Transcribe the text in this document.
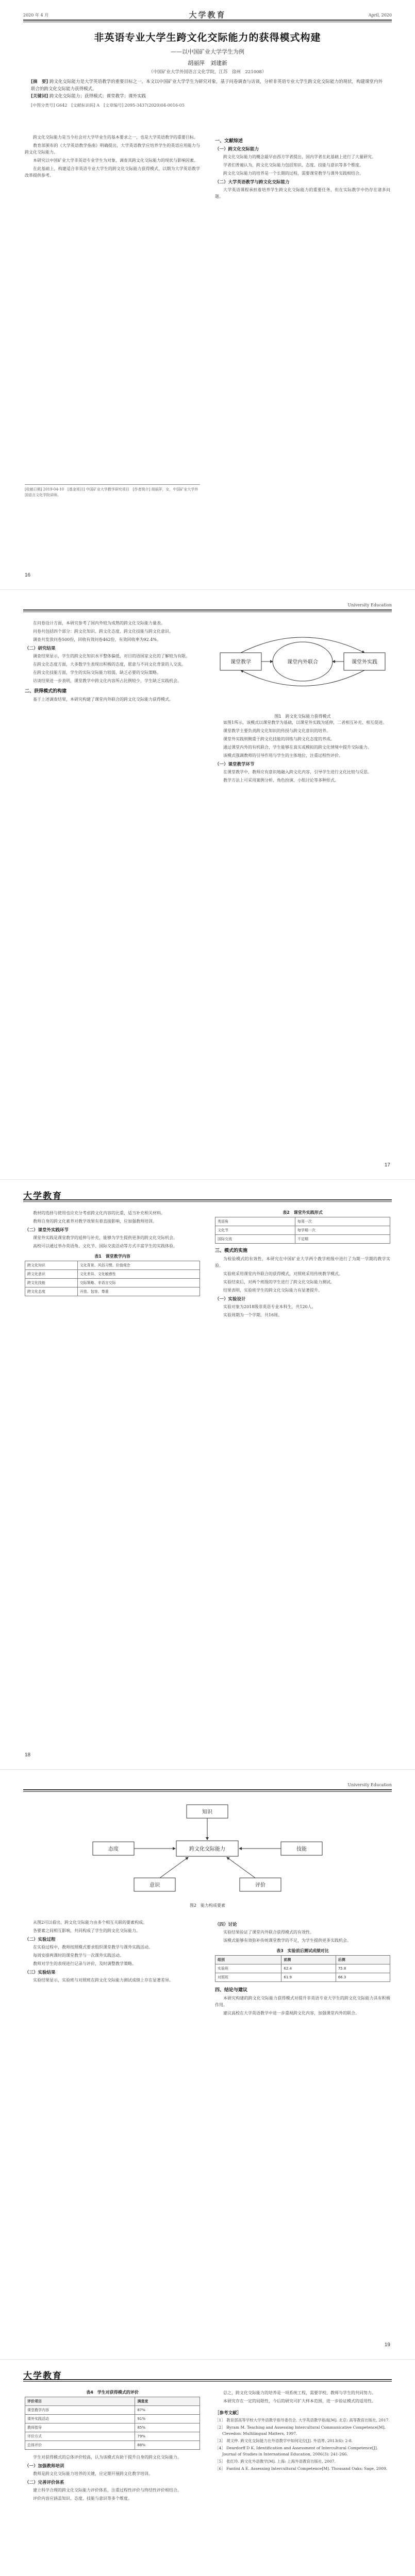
2020 年 4 月	大学教育	April, 2020
非英语专业大学生跨文化交际能力的获得模式构建
——以中国矿业大学学生为例
胡丽萍　刘建新
（中国矿业大学外国语言文化学院，江苏　徐州　221008）
[摘　要] 跨文化交际能力是大学英语教学的重要目标之一。本文以中国矿业大学学生为研究对象，基于问卷调查与访谈，分析非英语专业大学生跨文化交际能力的现状，构建课堂内外联合的跨文化交际能力获得模式。
[关键词] 跨文化交际能力；获得模式；课堂教学；课外实践
[中图分类号] G642　[文献标识码] A　[文章编号] 2095-3437(2020)04-0016-05

跨文化交际能力是当今社会对大学毕业生的基本要求之一，也是大学英语教学的重要目标。

教育部颁布的《大学英语教学指南》明确提出，大学英语教学应培养学生的英语应用能力与跨文化交际能力。

本研究以中国矿业大学非英语专业学生为对象，调查其跨文化交际能力的现状与影响因素。

在此基础上，构建适合非英语专业大学生的跨文化交际能力获得模式，以期为大学英语教学改革提供参考。

一、文献综述
（一）跨文化交际能力

跨文化交际能力的概念最早由西方学者提出，国内学者在此基础上进行了大量研究。

学者们普遍认为，跨文化交际能力包括知识、态度、技能与意识等多个维度。

跨文化交际能力的培养是一个长期的过程，需要课堂教学与课外实践相结合。

（二）大学英语教学与跨文化交际能力

大学英语课程承担着培养学生跨文化交际能力的重要任务，但在实际教学中仍存在诸多问题。

[收稿日期] 2019-04-10　[基金项目] 中国矿业大学教学研究项目　[作者简介] 胡丽萍，女，中国矿业大学外国语言文化学院讲师。
16
University Education

在问卷设计方面，本研究参考了国内外较为成熟的跨文化交际能力量表。

问卷共包括四个部分：跨文化知识、跨文化态度、跨文化技能与跨文化意识。

调查共发放问卷500份，回收有效问卷462份，有效回收率为92.4%。

（二）研究结果

调查结果显示，学生的跨文化知识水平整体偏低，对目的语国家文化的了解较为有限。

在跨文化态度方面，大多数学生表现出积极的态度，愿意与不同文化背景的人交流。

在跨文化技能方面，学生的实际交际能力较弱，缺乏必要的交际策略。

访谈结果进一步表明，课堂教学中跨文化内容所占比例较少，学生缺乏实践机会。

二、获得模式的构建

基于上述调查结果，本研究构建了课堂内外联合的跨文化交际能力获得模式。

课堂教学	课堂外实践
课堂内外联合
图1　跨文化交际能力获得模式

如图1所示，该模式以课堂教学为基础，以课堂外实践为延伸，二者相互补充、相互促进。

课堂教学主要负责跨文化知识的传授与跨文化意识的培养。

课堂外实践则侧重于跨文化技能的训练与跨文化态度的养成。

通过课堂内外的有机联合，学生能够在真实或模拟的跨文化情境中提升交际能力。

该模式强调教师的引导作用与学生的主体地位，注重过程性评价。

（一）课堂教学环节

在课堂教学中，教师应有意识地融入跨文化内容，引导学生进行文化比较与反思。

教学方法上可采用案例分析、角色扮演、小组讨论等多种形式。

17
大学教育

教材的选择与使用也应充分考虑跨文化内容的比重，适当补充相关材料。

教师自身的跨文化素养对教学效果有着直接影响，应加强教师培训。

（二）课堂外实践环节

课堂外实践是课堂教学的延伸与补充，能够为学生提供更多的跨文化交际机会。

高校可以通过举办英语角、文化节、国际交流活动等方式丰富学生的实践体验。

表1　课堂教学内容
跨文化知识	文化背景、风俗习惯、价值观念
跨文化意识	文化差异、文化敏感性
跨文化技能	交际策略、非语言交际
跨文化态度	开放、包容、尊重
表2　课堂外实践形式
英语角	每周一次
文化节	每学期一次
国际交流	不定期
三、模式的实施

为检验模式的有效性，本研究在中国矿业大学两个教学班级中进行了为期一学期的教学实验。

实验班采用课堂内外联合的获得模式，对照班采用传统教学模式。

实验结束后，对两个班级的学生进行了跨文化交际能力测试。

结果表明，实验班学生的跨文化交际能力有显著提升。

（一）实验设计

实验对象为2018级非英语专业本科生，共120人。

实验周期为一个学期，共16周。

18
University Education
跨文化交际能力
知识
态度	技能
意识	评价
图2　能力构成要素

从图2可以看出，跨文化交际能力由多个相互关联的要素构成。

各要素之间相互影响，共同构成了学生的跨文化交际能力。

（二）实验过程

在实验过程中，教师按照模式要求组织课堂教学与课外实践活动。

每周安排两课时的课堂教学与一次课外实践活动。

教师对学生的表现进行记录与评价，及时调整教学策略。

（三）实验结果

实验结果显示，实验班与对照班在跨文化交际能力测试成绩上存在显著差异。

（四）讨论

实验结果验证了课堂内外联合获得模式的有效性。

该模式能够有效弥补传统课堂教学的不足，为学生提供更多实践机会。

表3　实验前后测试成绩对比
组别	前测	后测
实验班	62.4	75.8
对照班	61.9	66.3
四、结论与建议

本研究构建的跨文化交际能力获得模式对提升非英语专业大学生的跨文化交际能力具有积极作用。

建议高校在大学英语教学中进一步重视跨文化内容，加强课堂内外的联合。

19
大学教育
表4　学生对获得模式的评价
评价项目	满意度
课堂教学内容	87%
课外实践活动	91%
教师指导	85%
评价方式	79%
总体评价	88%

学生对获得模式的总体评价较高，认为该模式有助于提升自身的跨文化交际能力。

（一）加强教师培训

教师是跨文化交际能力培养的关键，应定期开展跨文化教学培训。

（二）完善评价体系

建立科学合理的跨文化交际能力评价体系，注重过程性评价与终结性评价相结合。

评价内容应涵盖知识、态度、技能与意识等多个维度。

总之，跨文化交际能力的培养是一项系统工程，需要学校、教师与学生的共同努力。

本研究存在一定的局限性，今后的研究可扩大样本范围，进一步验证模式的适用性。

［参考文献］
［1］ 教育部高等学校大学外语教学指导委员会. 大学英语教学指南[M]. 北京: 高等教育出版社, 2017.
［2］ Byram M. Teaching and Assessing Intercultural Communicative Competence[M]. Clevedon: Multilingual Matters, 1997.
［3］ 胡文仲. 跨文化交际能力在外语教学中如何定位[J]. 外语界, 2013(6): 2-8.
［4］ Deardorff D K. Identification and Assessment of Intercultural Competence[J]. Journal of Studies in International Education, 2006(3): 241-266.
［5］ 张红玲. 跨文化外语教学[M]. 上海: 上海外语教育出版社, 2007.
［6］ Fantini A E. Assessing Intercultural Competence[M]. Thousand Oaks: Sage, 2009.
